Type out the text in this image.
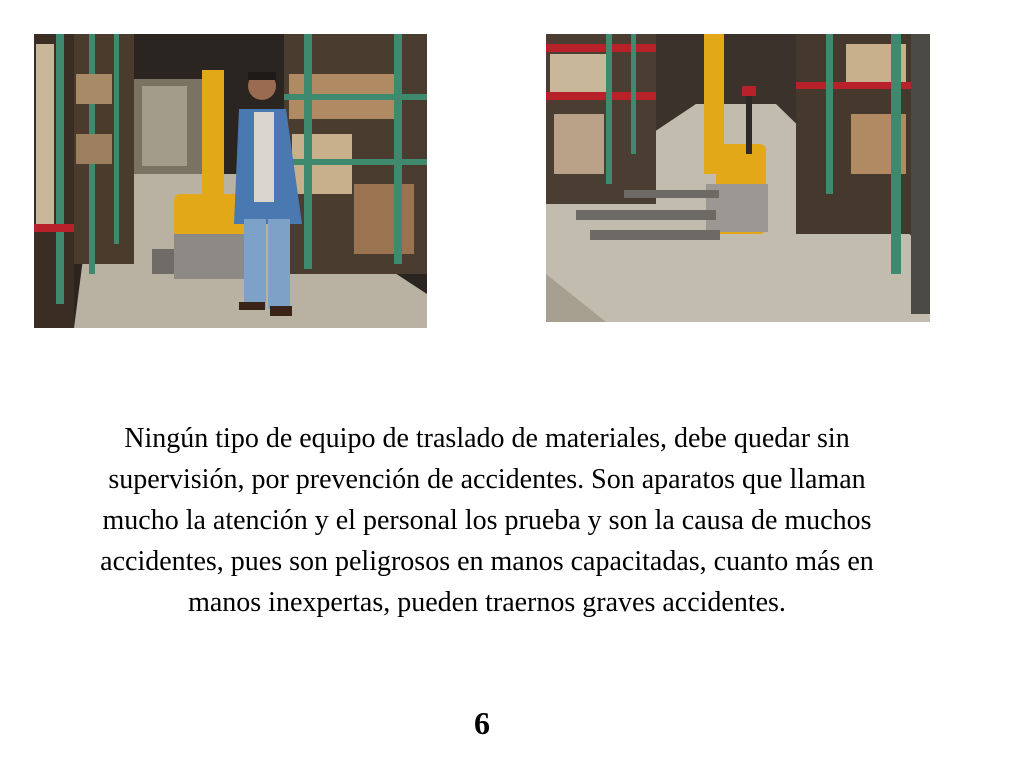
Ningún tipo de equipo de traslado de materiales, debe quedar sin
supervisión, por prevención de accidentes. Son aparatos que llaman
mucho la atención y el personal los prueba y son la causa de muchos
accidentes, pues son peligrosos en manos capacitadas, cuanto más en
manos inexpertas, pueden traernos graves accidentes.
6
